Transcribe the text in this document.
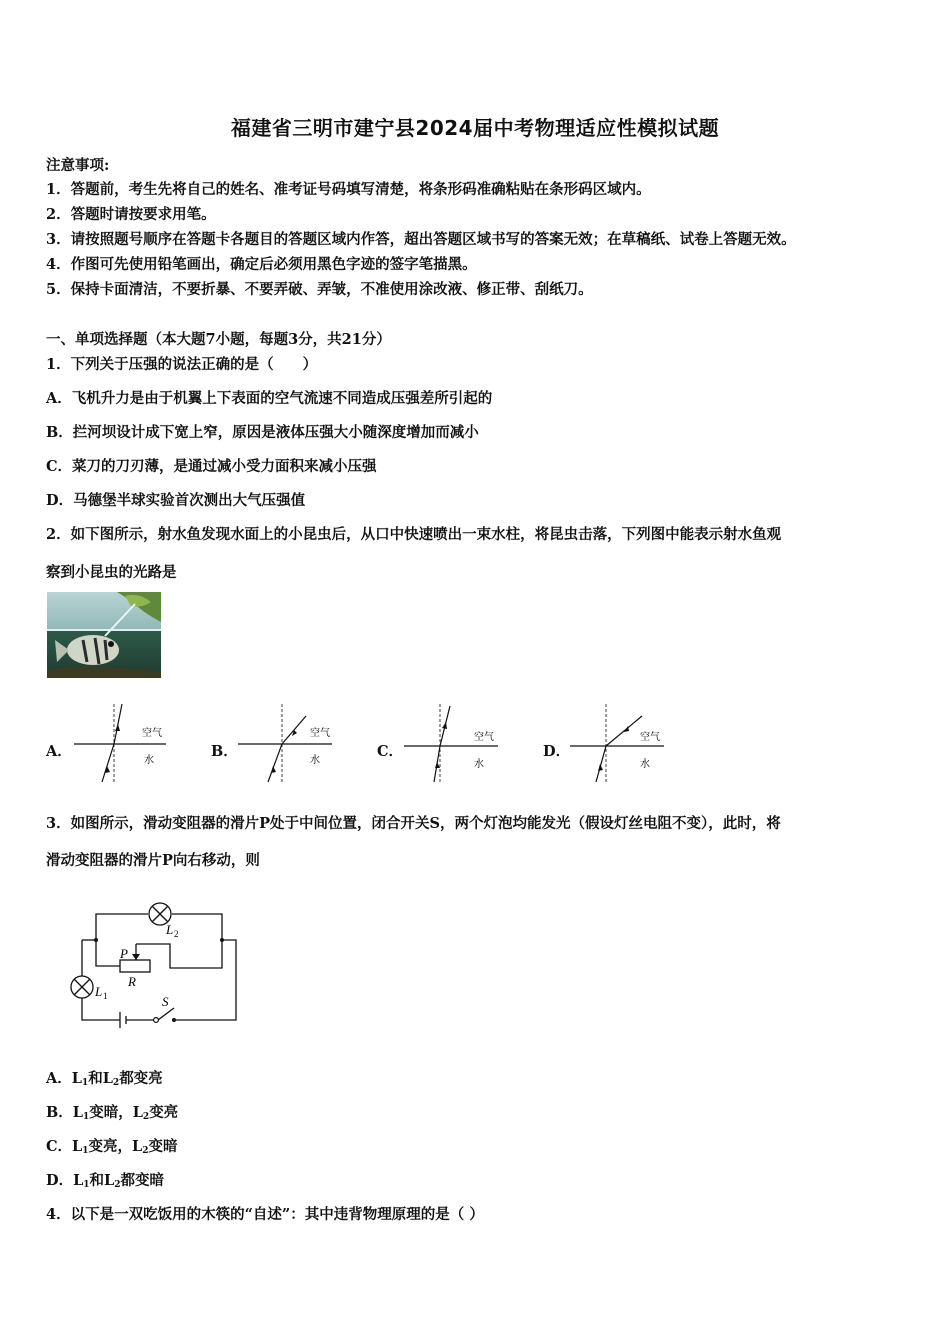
福建省三明市建宁县2024届中考物理适应性模拟试题
注意事项:
1．答题前，考生先将自己的姓名、准考证号码填写清楚，将条形码准确粘贴在条形码区域内。
2．答题时请按要求用笔。
3．请按照题号顺序在答题卡各题目的答题区域内作答，超出答题区域书写的答案无效；在草稿纸、试卷上答题无效。
4．作图可先使用铅笔画出，确定后必须用黑色字迹的签字笔描黑。
5．保持卡面清洁，不要折暴、不要弄破、弄皱，不准使用涂改液、修正带、刮纸刀。
一、单项选择题（本大题7小题，每题3分，共21分）
1．下列关于压强的说法正确的是（　　）
A．飞机升力是由于机翼上下表面的空气流速不同造成压强差所引起的
B．拦河坝设计成下宽上窄，原因是液体压强大小随深度增加而减小
C．菜刀的刀刃薄，是通过减小受力面积来减小压强
D．马德堡半球实验首次测出大气压强值
2．如下图所示，射水鱼发现水面上的小昆虫后，从口中快速喷出一束水柱，将昆虫击落，下列图中能表示射水鱼观
察到小昆虫的光路是
A．
空气
水
B．
空气
水
C．
空气
水
D．
空气
水
3．如图所示，滑动变阻器的滑片P处于中间位置，闭合开关S，两个灯泡均能发光（假设灯丝电阻不变），此时，将
滑动变阻器的滑片P向右移动，则
L 2
P
R
L 1	S
A．$L_1$和$L_2$都变亮
B．$L_1$变暗，$L_2$变亮
C．$L_1$变亮，$L_2$变暗
D．$L_1$和$L_2$都变暗
4．以下是一双吃饭用的木筷的“自述”：其中违背物理原理的是（ ）
